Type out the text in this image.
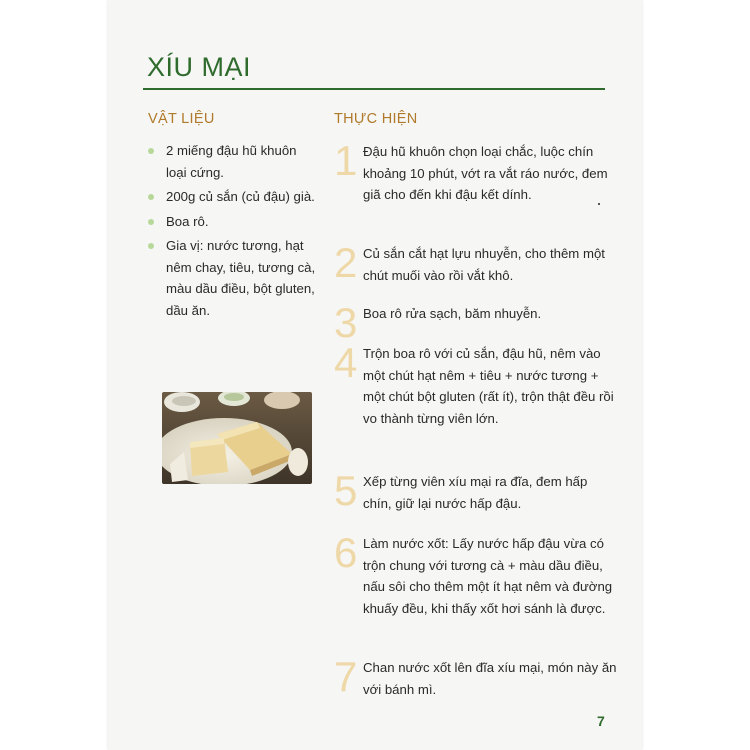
XÍU MẠI
VẬT LIỆU	THỰC HIỆN
2 miếng đậu hũ khuôn loại cứng.
200g củ sắn (củ đậu) già.
Boa rô.
Gia vị: nước tương, hạt nêm chay, tiêu, tương cà, màu dầu điều, bột gluten, dầu ăn.
1 Đậu hũ khuôn chọn loại chắc, luộc chín khoảng 10 phút, vớt ra vắt ráo nước, đem giã cho đến khi đậu kết dính.
2 Củ sắn cắt hạt lựu nhuyễn, cho thêm một chút muối vào rồi vắt khô.
3 Boa rô rửa sạch, băm nhuyễn.
4 Trộn boa rô với củ sắn, đậu hũ, nêm vào một chút hạt nêm + tiêu + nước tương + một chút bột gluten (rất ít), trộn thật đều rồi vo thành từng viên lớn.
5 Xếp từng viên xíu mại ra đĩa, đem hấp chín, giữ lại nước hấp đậu.
6 Làm nước xốt: Lấy nước hấp đậu vừa có trộn chung với tương cà + màu dầu điều, nấu sôi cho thêm một ít hạt nêm và đường khuấy đều, khi thấy xốt hơi sánh là được.
7 Chan nước xốt lên đĩa xíu mại, món này ăn với bánh mì.
7
